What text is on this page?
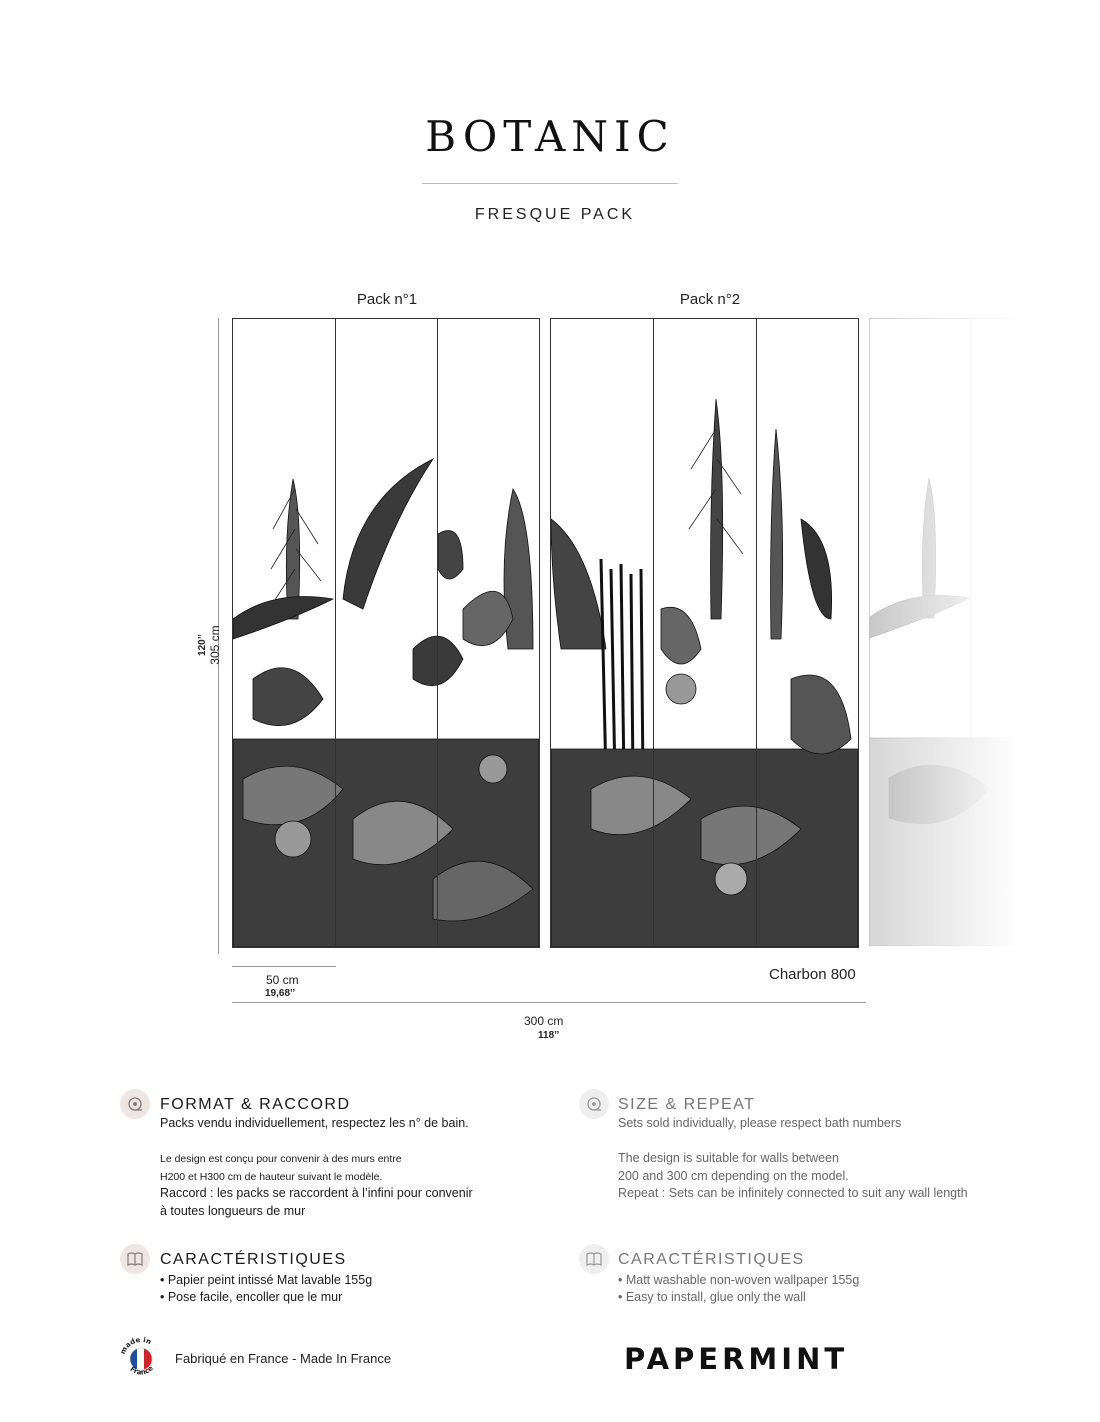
BOTANIC
FRESQUE PACK
Pack n°1	Pack n°2
120’’
305 cm
50 cm
19,68’’
Charbon 800
300 cm
118’’
FORMAT & RACCORD
Packs vendu individuellement, respectez les n° de bain.
Le design est conçu pour convenir à des murs entre
H200 et H300 cm de hauteur suivant le modèle.
Raccord : les packs se raccordent à l’infini pour convenir
à toutes longueurs de mur
SIZE & REPEAT
Sets sold individually, please respect bath numbers
The design is suitable for walls between
200 and 300 cm depending on the model.
Repeat : Sets can be infinitely connected to suit any wall length
CARACTÉRISTIQUES
• Papier peint intissé Mat lavable 155g
• Pose facile, encoller que le mur
CARACTÉRISTIQUES
• Matt washable non-woven wallpaper 155g
• Easy to install, glue only the wall
made in
France
Fabriqué en France - Made In France	PAPERMINT
